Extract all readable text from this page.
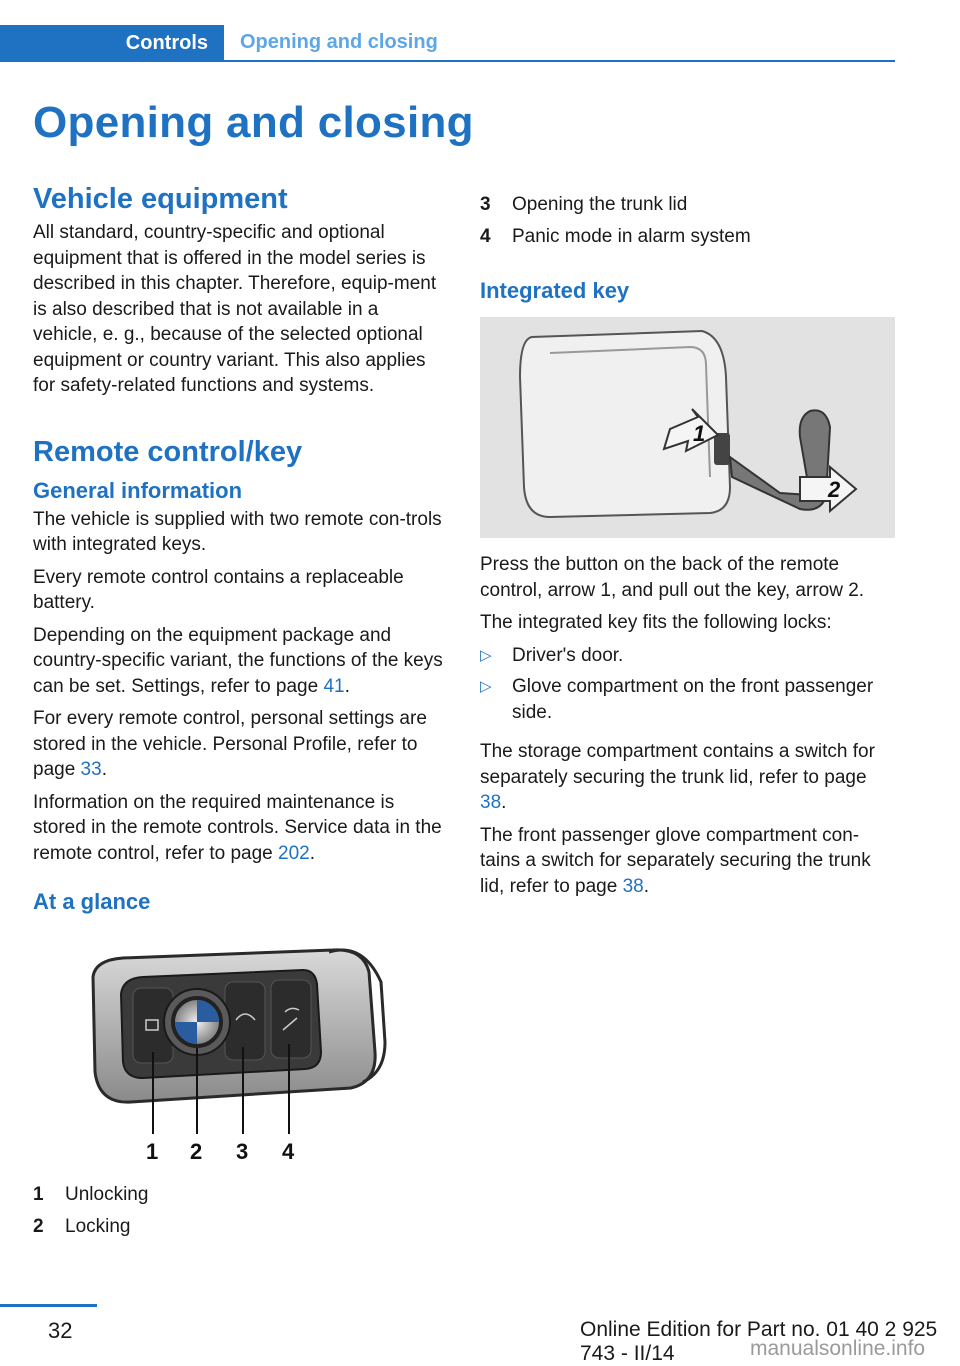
Controls	Opening and closing
Opening and closing
Vehicle equipment

All standard, country-specific and optional equipment that is offered in the model series is described in this chapter. Therefore, equip-ment is also described that is not available in a vehicle, e. g., because of the selected optional equipment or country variant. This also applies for safety-related functions and systems.

Remote control/key
General information

The vehicle is supplied with two remote con-trols with integrated keys.

Every remote control contains a replaceable battery.

Depending on the equipment package and country-specific variant, the functions of the keys can be set. Settings, refer to page 41.

For every remote control, personal settings are stored in the vehicle. Personal Profile, refer to page 33.

Information on the required maintenance is stored in the remote controls. Service data in the remote control, refer to page 202.

At a glance
1 2 3 4
1	Unlocking
2	Locking
3	Opening the trunk lid
4	Panic mode in alarm system
Integrated key
1
2

Press the button on the back of the remote control, arrow 1, and pull out the key, arrow 2.

The integrated key fits the following locks:

▷	Driver's door.
▷	Glove compartment on the front passenger side.

The storage compartment contains a switch for separately securing the trunk lid, refer to page 38.

The front passenger glove compartment con-tains a switch for separately securing the trunk lid, refer to page 38.

32	Online Edition for Part no. 01 40 2 925 743 - II/14	manualsonline.info
